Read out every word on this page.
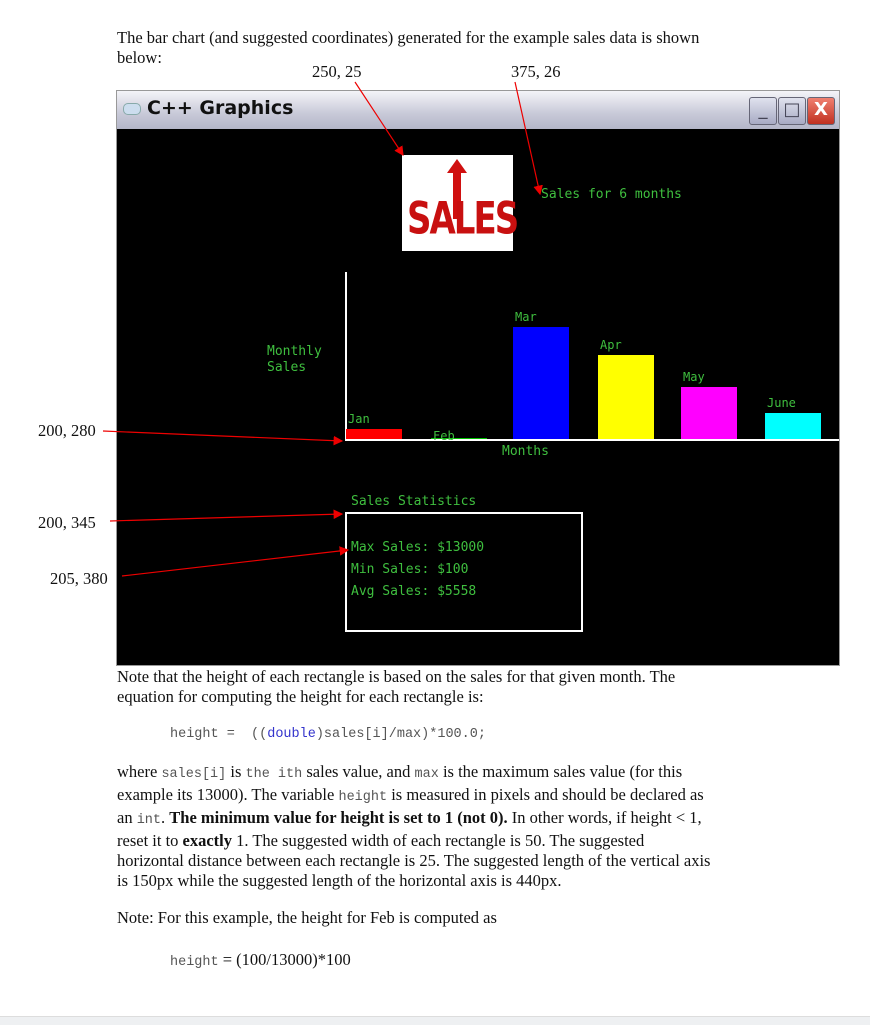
The bar chart (and suggested coordinates) generated for the example sales data is shown
below:
250, 25	375, 26
200, 280
200, 345
205, 380
C++ Graphics	_ □ X
SALES Sales for 6 months
Monthly
Sales
Months
Jan
Feb
Mar
Apr
May
June
Sales Statistics
Max Sales: $13000
Min Sales: $100
Avg Sales: $5558
Note that the height of each rectangle is based on the sales for that given month. The
equation for computing the height for each rectangle is:
height = ((double)sales[i]/max)*100.0;
where sales[i] is the ith sales value, and max is the maximum sales value (for this
example its 13000). The variable height is measured in pixels and should be declared as
an int. The minimum value for height is set to 1 (not 0). In other words, if height < 1,
reset it to exactly 1. The suggested width of each rectangle is 50. The suggested
horizontal distance between each rectangle is 25. The suggested length of the vertical axis
is 150px while the suggested length of the horizontal axis is 440px.
Note: For this example, the height for Feb is computed as
height = (100/13000)*100
